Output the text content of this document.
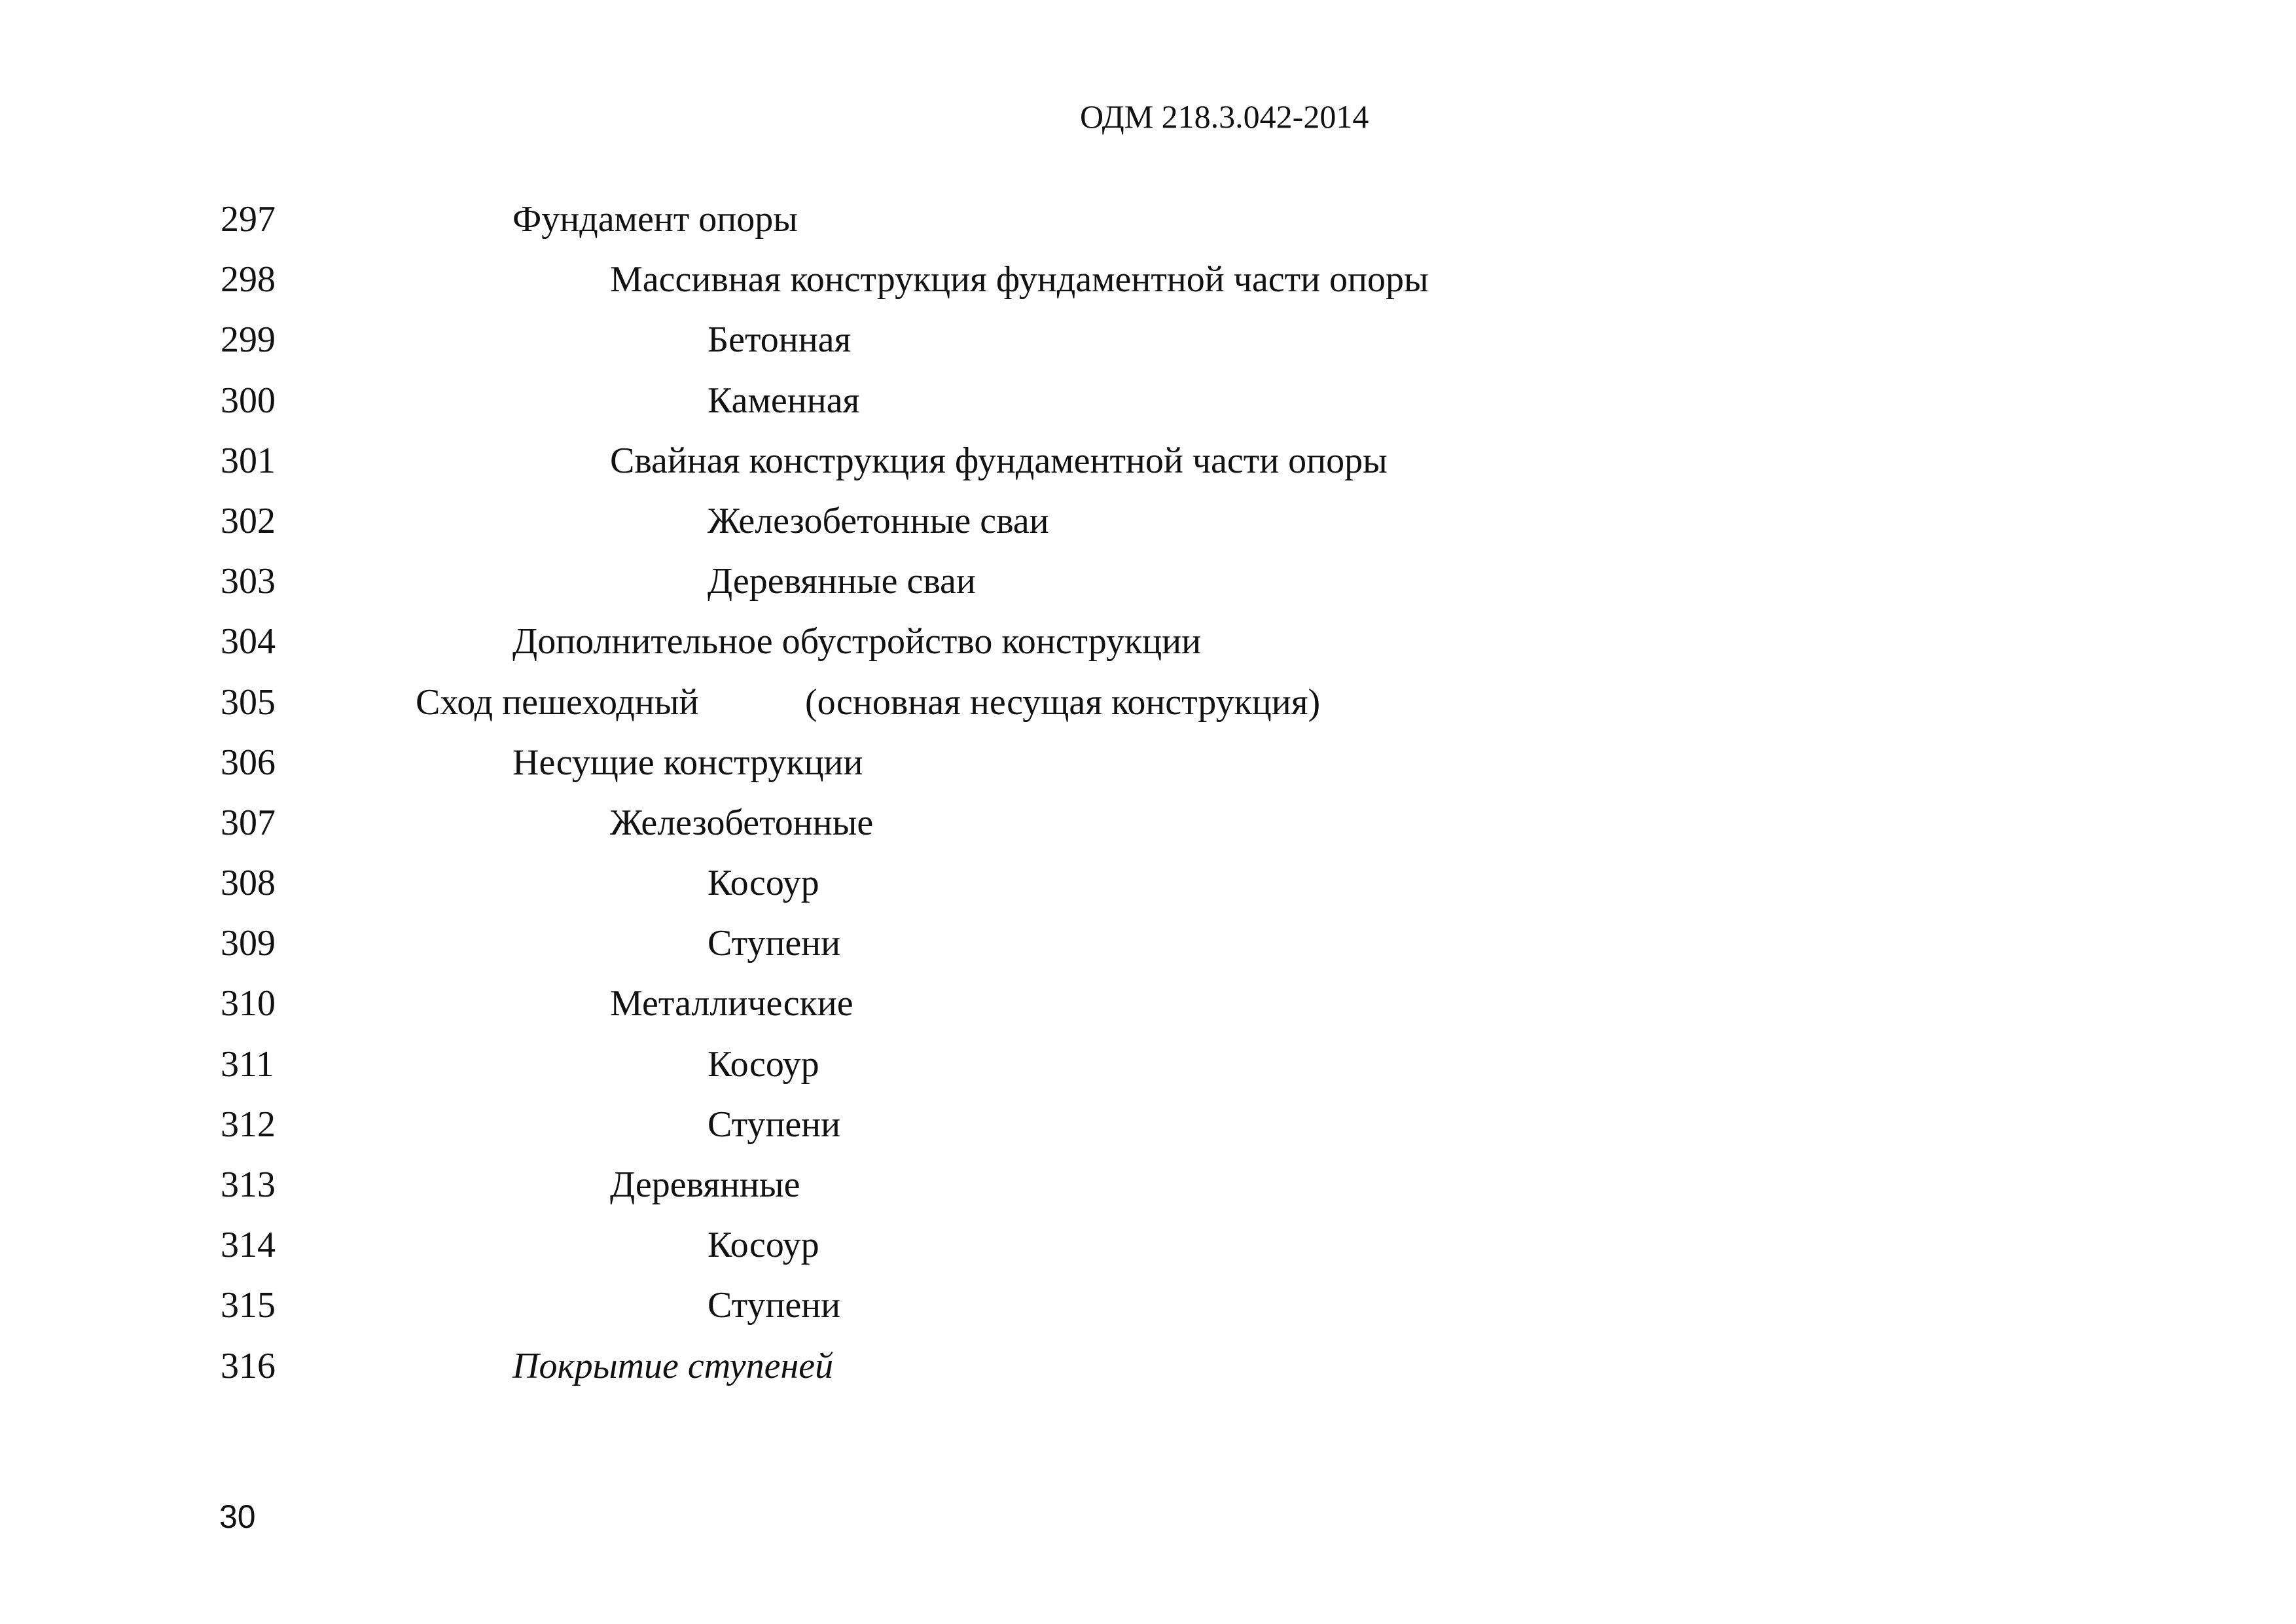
ОДМ 218.3.042-2014
297	Фундамент опоры
298	Массивная конструкция фундаментной части опоры
299	Бетонная
300	Каменная
301	Свайная конструкция фундаментной части опоры
302	Железобетонные сваи
303	Деревянные сваи
304	Дополнительное обустройство конструкции
305	Сход пешеходный	(основная несущая конструкция)
306	Несущие конструкции
307	Железобетонные
308	Косоур
309	Ступени
310	Металлические
311	Косоур
312	Ступени
313	Деревянные
314	Косоур
315	Ступени
316	Покрытие ступеней
30
